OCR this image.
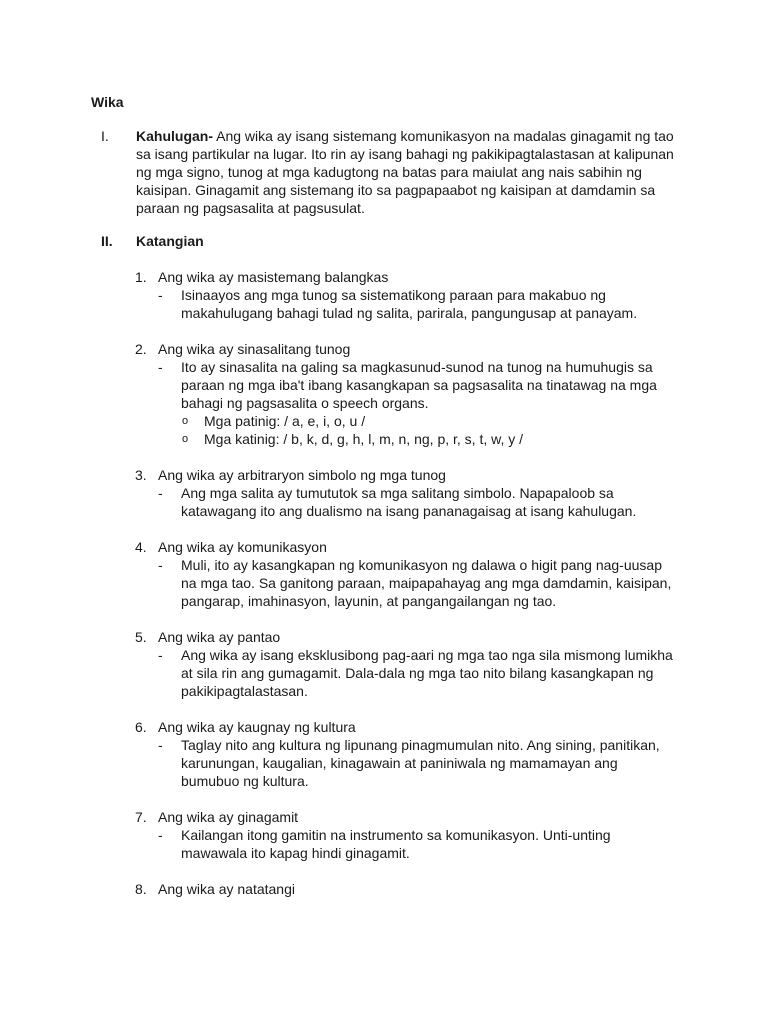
Wika
I. Kahulugan- Ang wika ay isang sistemang komunikasyon na madalas ginagamit ng tao sa isang partikular na lugar. Ito rin ay isang bahagi ng pakikipagtalastasan at kalipunan ng mga signo, tunog at mga kadugtong na batas para maiulat ang nais sabihin ng kaisipan. Ginagamit ang sistemang ito sa pagpapaabot ng kaisipan at damdamin sa paraan ng pagsasalita at pagsusulat.
II. Katangian
1. Ang wika ay masistemang balangkas
-	Isinaayos ang mga tunog sa sistematikong paraan para makabuo ng makahulugang bahagi tulad ng salita, parirala, pangungusap at panayam.
2. Ang wika ay sinasalitang tunog
-	Ito ay sinasalita na galing sa magkasunud-sunod na tunog na humuhugis sa paraan ng mga iba't ibang kasangkapan sa pagsasalita na tinatawag na mga bahagi ng pagsasalita o speech organs.
o	Mga patinig: / a, e, i, o, u /
o	Mga katinig: / b, k, d, g, h, l, m, n, ng, p, r, s, t, w, y /
3. Ang wika ay arbitraryon simbolo ng mga tunog
-	Ang mga salita ay tumututok sa mga salitang simbolo. Napapaloob sa katawagang ito ang dualismo na isang pananagaisag at isang kahulugan.
4. Ang wika ay komunikasyon
-	Muli, ito ay kasangkapan ng komunikasyon ng dalawa o higit pang nag-uusap na mga tao. Sa ganitong paraan, maipapahayag ang mga damdamin, kaisipan, pangarap, imahinasyon, layunin, at pangangailangan ng tao.
5. Ang wika ay pantao
-	Ang wika ay isang eksklusibong pag-aari ng mga tao nga sila mismong lumikha at sila rin ang gumagamit. Dala-dala ng mga tao nito bilang kasangkapan ng pakikipagtalastasan.
6. Ang wika ay kaugnay ng kultura
-	Taglay nito ang kultura ng lipunang pinagmumulan nito. Ang sining, panitikan, karunungan, kaugalian, kinagawain at paniniwala ng mamamayan ang bumubuo ng kultura.
7. Ang wika ay ginagamit
-	Kailangan itong gamitin na instrumento sa komunikasyon. Unti-unting mawawala ito kapag hindi ginagamit.
8. Ang wika ay natatangi
